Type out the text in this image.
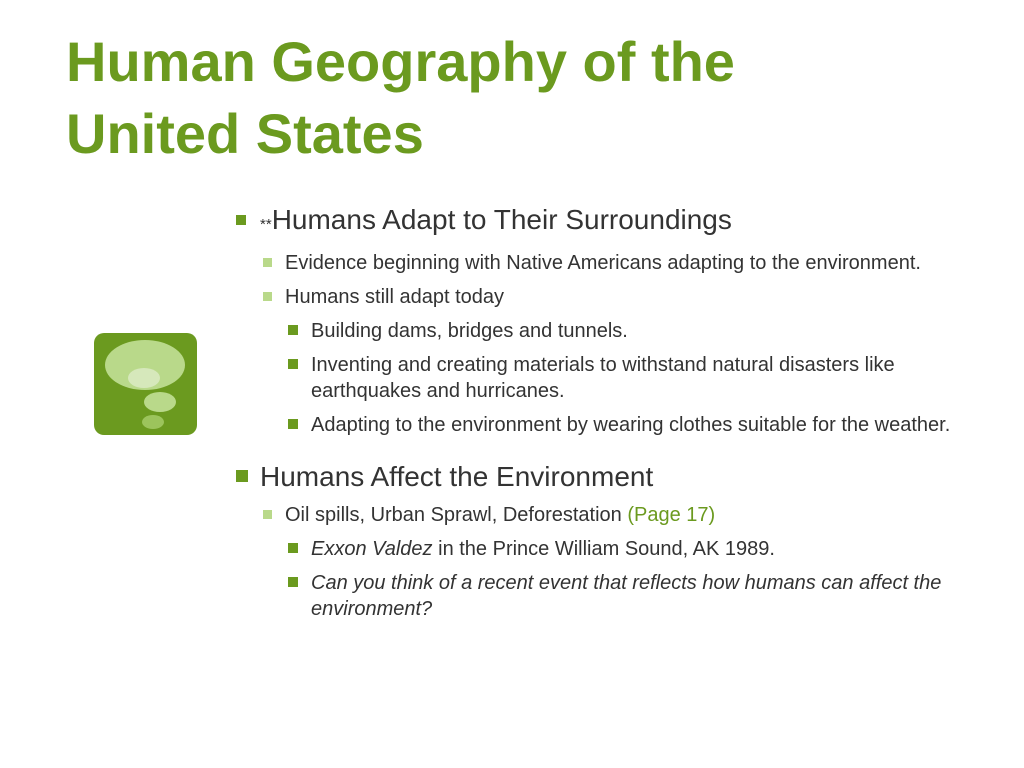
Human Geography of the
United States
**Humans Adapt to Their Surroundings
Evidence beginning with Native Americans adapting to the environment.
Humans still adapt today
Building dams, bridges and tunnels.
Inventing and creating materials to withstand natural disasters like earthquakes and hurricanes.
Adapting to the environment by wearing clothes suitable for the weather.
Humans Affect the Environment
Oil spills, Urban Sprawl, Deforestation (Page 17)
Exxon Valdez in the Prince William Sound, AK 1989.
Can you think of a recent event that reflects how humans can affect the environment?
